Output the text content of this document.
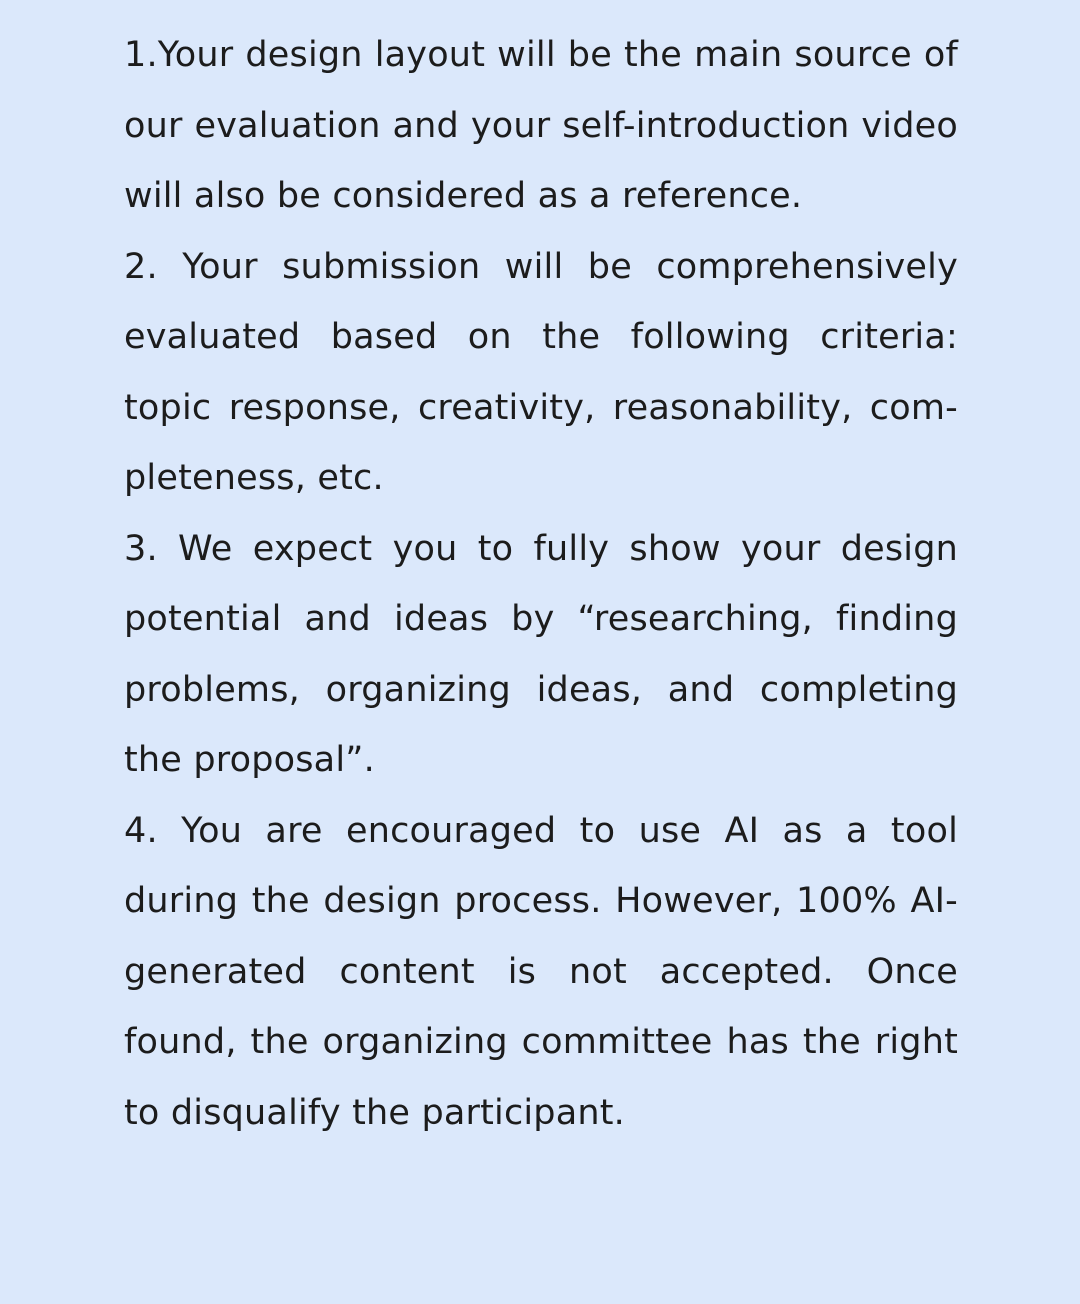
1.Your design layout will be the main source of our evaluation and your self-introduction video will also be considered as a reference.

2. Your submission will be comprehensively evaluated based on the following criteria: topic response, creativity, reasonability, com-pleteness, etc.

3. We expect you to fully show your design potential and ideas by “researching, finding problems, organizing ideas, and completing the proposal”.

4. You are encouraged to use AI as a tool during the design process. However, 100% AI-generated content is not accepted. Once found, the organizing committee has the right to disqualify the participant.
